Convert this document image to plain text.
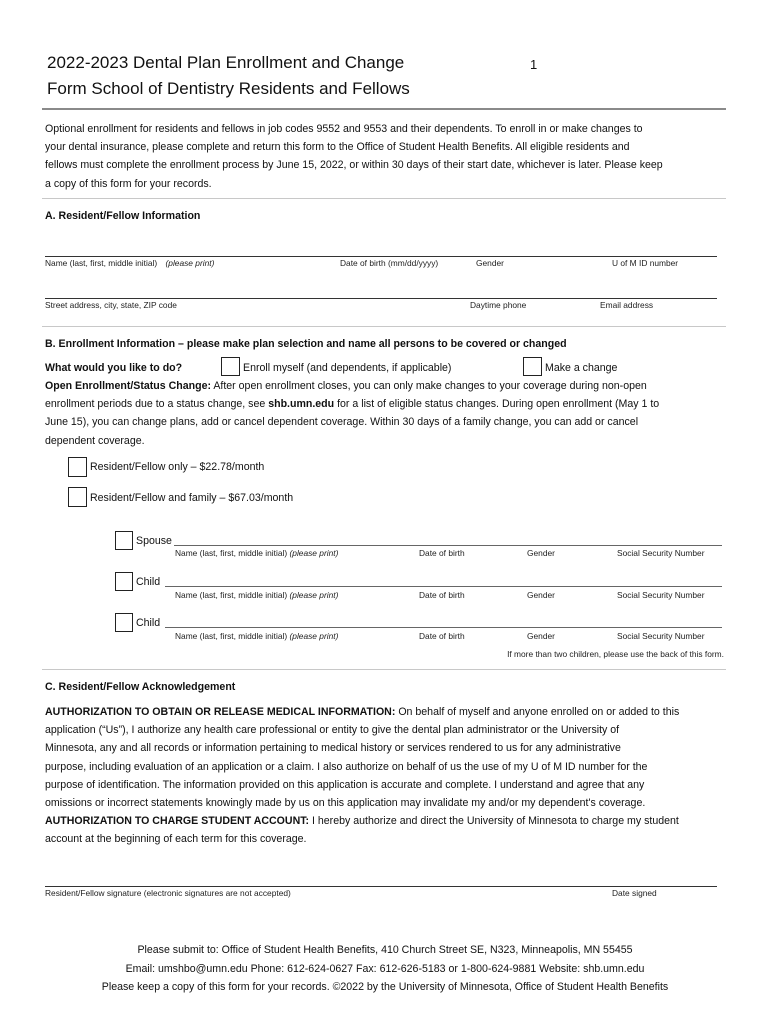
2022-2023 Dental Plan Enrollment and Change
Form School of Dentistry Residents and Fellows
1
Optional enrollment for residents and fellows in job codes 9552 and 9553 and their dependents. To enroll in or make changes to
your dental insurance, please complete and return this form to the Office of Student Health Benefits. All eligible residents and
fellows must complete the enrollment process by June 15, 2022, or within 30 days of their start date, whichever is later. Please keep
a copy of this form for your records.
A. Resident/Fellow Information
Name (last, first, middle initial) (please print)	Date of birth (mm/dd/yyyy)	Gender	U of M ID number
Street address, city, state, ZIP code	Daytime phone	Email address
B. Enrollment Information – please make plan selection and name all persons to be covered or changed
What would you like to do?	Enroll myself (and dependents, if applicable)	Make a change
Open Enrollment/Status Change: After open enrollment closes, you can only make changes to your coverage during non-open
enrollment periods due to a status change, see shb.umn.edu for a list of eligible status changes. During open enrollment (May 1 to
June 15), you can change plans, add or cancel dependent coverage. Within 30 days of a family change, you can add or cancel
dependent coverage.
Resident/Fellow only – $22.78/month
Resident/Fellow and family – $67.03/month
Spouse
Name (last, first, middle initial) (please print)	Date of birth	Gender	Social Security Number
Child
Name (last, first, middle initial) (please print)	Date of birth	Gender	Social Security Number
Child
Name (last, first, middle initial) (please print)	Date of birth	Gender	Social Security Number
If more than two children, please use the back of this form.
C. Resident/Fellow Acknowledgement
AUTHORIZATION TO OBTAIN OR RELEASE MEDICAL INFORMATION: On behalf of myself and anyone enrolled on or added to this
application (“Us”), I authorize any health care professional or entity to give the dental plan administrator or the University of
Minnesota, any and all records or information pertaining to medical history or services rendered to us for any administrative
purpose, including evaluation of an application or a claim. I also authorize on behalf of us the use of my U of M ID number for the
purpose of identification. The information provided on this application is accurate and complete. I understand and agree that any
omissions or incorrect statements knowingly made by us on this application may invalidate my and/or my dependent's coverage.
AUTHORIZATION TO CHARGE STUDENT ACCOUNT: I hereby authorize and direct the University of Minnesota to charge my student
account at the beginning of each term for this coverage.
Resident/Fellow signature (electronic signatures are not accepted)	Date signed
Please submit to: Office of Student Health Benefits, 410 Church Street SE, N323, Minneapolis, MN 55455
Email: umshbo@umn.edu Phone: 612-624-0627 Fax: 612-626-5183 or 1-800-624-9881 Website: shb.umn.edu
Please keep a copy of this form for your records. ©2022 by the University of Minnesota, Office of Student Health Benefits
